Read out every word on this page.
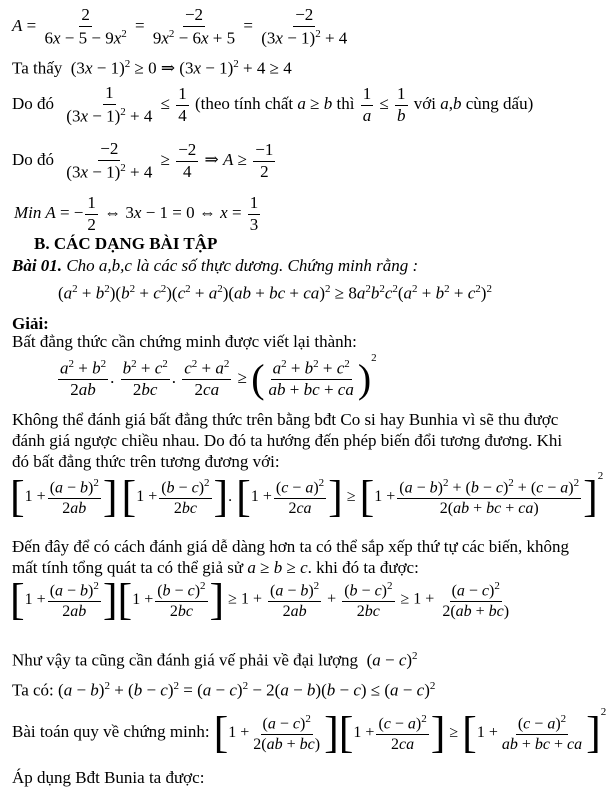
$A = \frac{2}{6x - 5 - 9x^2} = \frac{-2}{9x^2 - 6x + 5} = \frac{-2}{(3x - 1)^2 + 4}$
Ta thấy  $(3x - 1)^2 \ge 0$ ⇒ $(3x - 1)^2 + 4 \ge 4$
Do đó $\frac{1}{(3x - 1)^2 + 4} \le \frac{1}{4}$ (theo tính chất a ≥ b thì $\frac{1}{a} \le \frac{1}{b}$ với a,b cùng dấu)
Do đó $\frac{-2}{(3x - 1)^2 + 4} \ge \frac{-2}{4}$ ⇒ $A \ge \frac{-1}{2}$
Min A = − $\frac{1}{2}$ ⇔ 3x − 1 = 0 ⇔ $x = \frac{1}{3}$
B. CÁC DẠNG BÀI TẬP
Bài 01. Cho a,b,c là các số thực dương. Chứng minh rằng :
$(a^2 + b^2)(b^2 + c^2)(c^2 + a^2)(ab$ + bc + $ca)^2 \ge 8a^2b^2c^2(a^2 + b^2 + c^2)^2$
Giải:
Bất đẳng thức cần chứng minh được viết lại thành:
$\frac{a^2 + b^2}{2ab}$ . $\frac{b^2 + c^2}{2bc}$ . $\frac{c^2 + a^2}{2ca}$ ≥ ( $\frac{a^2 + b^2 + c^2}{ab + bc + ca}$ ) $^2$
Không thể đánh giá bất đẳng thức trên bằng bđt Co si hay Bunhia vì sẽ thu được
đánh giá ngược chiều nhau. Do đó ta hướng đến phép biến đổi tương đương. Khi
đó bất đẳng thức trên tương đương với:
[ $1 + \frac{(a - b)^2}{2ab}$ ]
[ $1 + \frac{(b - c)^2}{2bc}$ ] . [ $1 + \frac{(c - a)^2}{2ca}$ ] ≥ [ $1 + \frac{(a - b)^2 + (b - c)^2 + (c - a)^2}{2(ab + bc + ca)}$ ] $^2$
Đến đây để có cách đánh giá dễ dàng hơn ta có thể sắp xếp thứ tự các biến, không
mất tính tổng quát ta có thể giả sử a ≥ b ≥ c. khi đó ta được:
[ $1 + \frac{(a - b)^2}{2ab}$ ] [ $1 + \frac{(b - c)^2}{2bc}$ ] ≥ $1 + \frac{(a - b)^2}{2ab} + \frac{(b - c)^2}{2bc} \ge 1 + \frac{(a - c)^2}{2(ab + bc)}$
Như vậy ta cũng cần đánh giá vế phải về đại lượng  $(a - c)^2$
Ta có: $(a - b)^2 + (b - c)^2 = (a - c)^2 - 2(a - b)(b - c) \le (a - c)^2$
Bài toán quy về chứng minh: [ $1 + \frac{(a - c)^2}{2(ab + bc)}$ ] [ $1 + \frac{(c - a)^2}{2ca}$ ] ≥ [ $1 + \frac{(c - a)^2}{ab + bc + ca}$ ] $^2$
Áp dụng Bđt Bunia ta được:
